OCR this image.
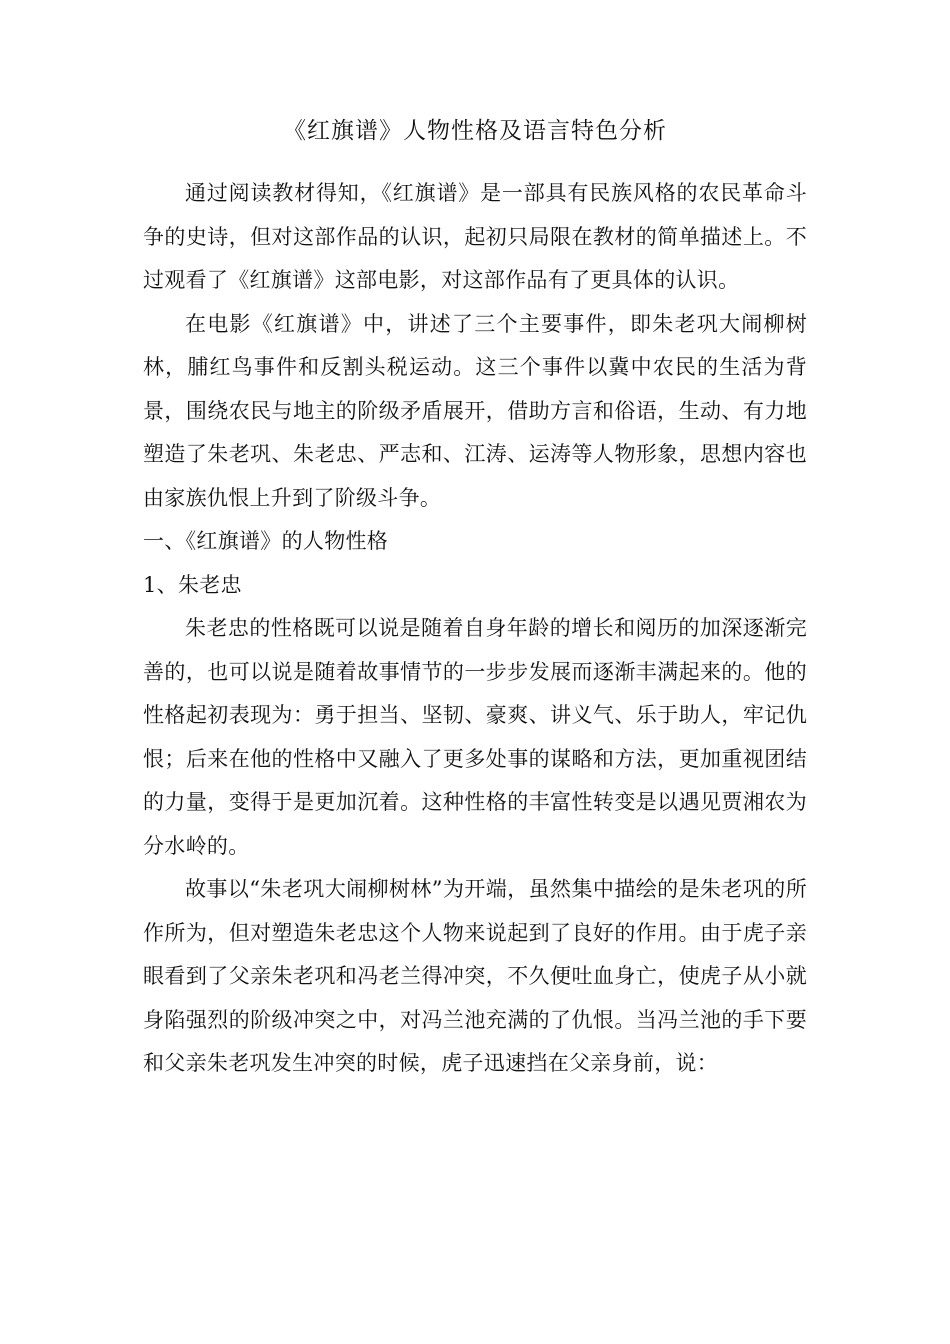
《红旗谱》人物性格及语言特色分析

通过阅读教材得知，《红旗谱》是一部具有民族风格的农民革命斗争的史诗，但对这部作品的认识，起初只局限在教材的简单描述上。不过观看了《红旗谱》这部电影，对这部作品有了更具体的认识。

在电影《红旗谱》中，讲述了三个主要事件，即朱老巩大闹柳树林，脯红鸟事件和反割头税运动。这三个事件以冀中农民的生活为背景，围绕农民与地主的阶级矛盾展开，借助方言和俗语，生动、有力地塑造了朱老巩、朱老忠、严志和、江涛、运涛等人物形象，思想内容也由家族仇恨上升到了阶级斗争。

一、《红旗谱》的人物性格

1、朱老忠

朱老忠的性格既可以说是随着自身年龄的增长和阅历的加深逐渐完善的，也可以说是随着故事情节的一步步发展而逐渐丰满起来的。他的性格起初表现为：勇于担当、坚韧、豪爽、讲义气、乐于助人，牢记仇恨；后来在他的性格中又融入了更多处事的谋略和方法，更加重视团结的力量，变得于是更加沉着。这种性格的丰富性转变是以遇见贾湘农为分水岭的。

故事以“朱老巩大闹柳树林”为开端，虽然集中描绘的是朱老巩的所作所为，但对塑造朱老忠这个人物来说起到了良好的作用。由于虎子亲眼看到了父亲朱老巩和冯老兰得冲突，不久便吐血身亡，使虎子从小就身陷强烈的阶级冲突之中，对冯兰池充满的了仇恨。当冯兰池的手下要和父亲朱老巩发生冲突的时候，虎子迅速挡在父亲身前，说：
